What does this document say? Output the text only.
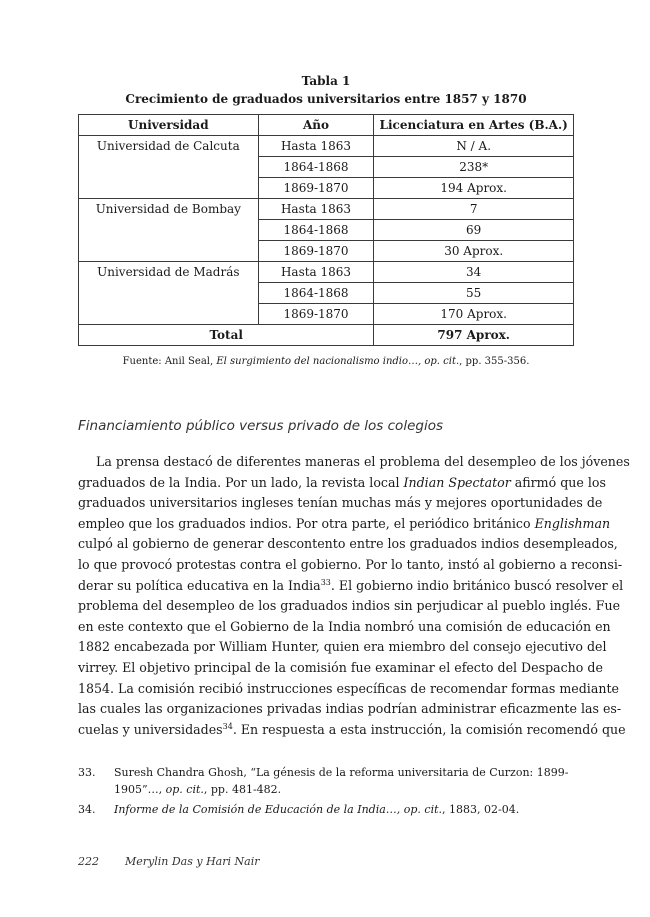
Tabla 1
Crecimiento de graduados universitarios entre 1857 y 1870
Universidad	Año	Licenciatura en Artes (B.A.)
Universidad de Calcuta	Hasta 1863	N / A.
	1864-1868	238*
	1869-1870	194 Aprox.
Universidad de Bombay	Hasta 1863	7
	1864-1868	69
	1869-1870	30 Aprox.
Universidad de Madrás	Hasta 1863	34
	1864-1868	55
	1869-1870	170 Aprox.
Total		797 Aprox.
Fuente: Anil Seal, El surgimiento del nacionalismo indio…, op. cit., pp. 355-356.
Financiamiento público versus privado de los colegios
La prensa destacó de diferentes maneras el problema del desempleo de los jóvenes
graduados de la India. Por un lado, la revista local Indian Spectator afirmó que los
graduados universitarios ingleses tenían muchas más y mejores oportunidades de
empleo que los graduados indios. Por otra parte, el periódico británico Englishman
culpó al gobierno de generar descontento entre los graduados indios desempleados,
lo que provocó protestas contra el gobierno. Por lo tanto, instó al gobierno a reconsi-
derar su política educativa en la India$^{33}$. El gobierno indio británico buscó resolver el
problema del desempleo de los graduados indios sin perjudicar al pueblo inglés. Fue
en este contexto que el Gobierno de la India nombró una comisión de educación en
1882 encabezada por William Hunter, quien era miembro del consejo ejecutivo del
virrey. El objetivo principal de la comisión fue examinar el efecto del Despacho de
1854. La comisión recibió instrucciones específicas de recomendar formas mediante
las cuales las organizaciones privadas indias podrían administrar eficazmente las es-
cuelas y universidades$^{34}$. En respuesta a esta instrucción, la comisión recomendó que
33. Suresh Chandra Ghosh, “La génesis de la reforma universitaria de Curzon: 1899-1905”…, op. cit., pp. 481-482.
34. Informe de la Comisión de Educación de la India…, op. cit., 1883, 02-04.
222 Merylin Das y Hari Nair
